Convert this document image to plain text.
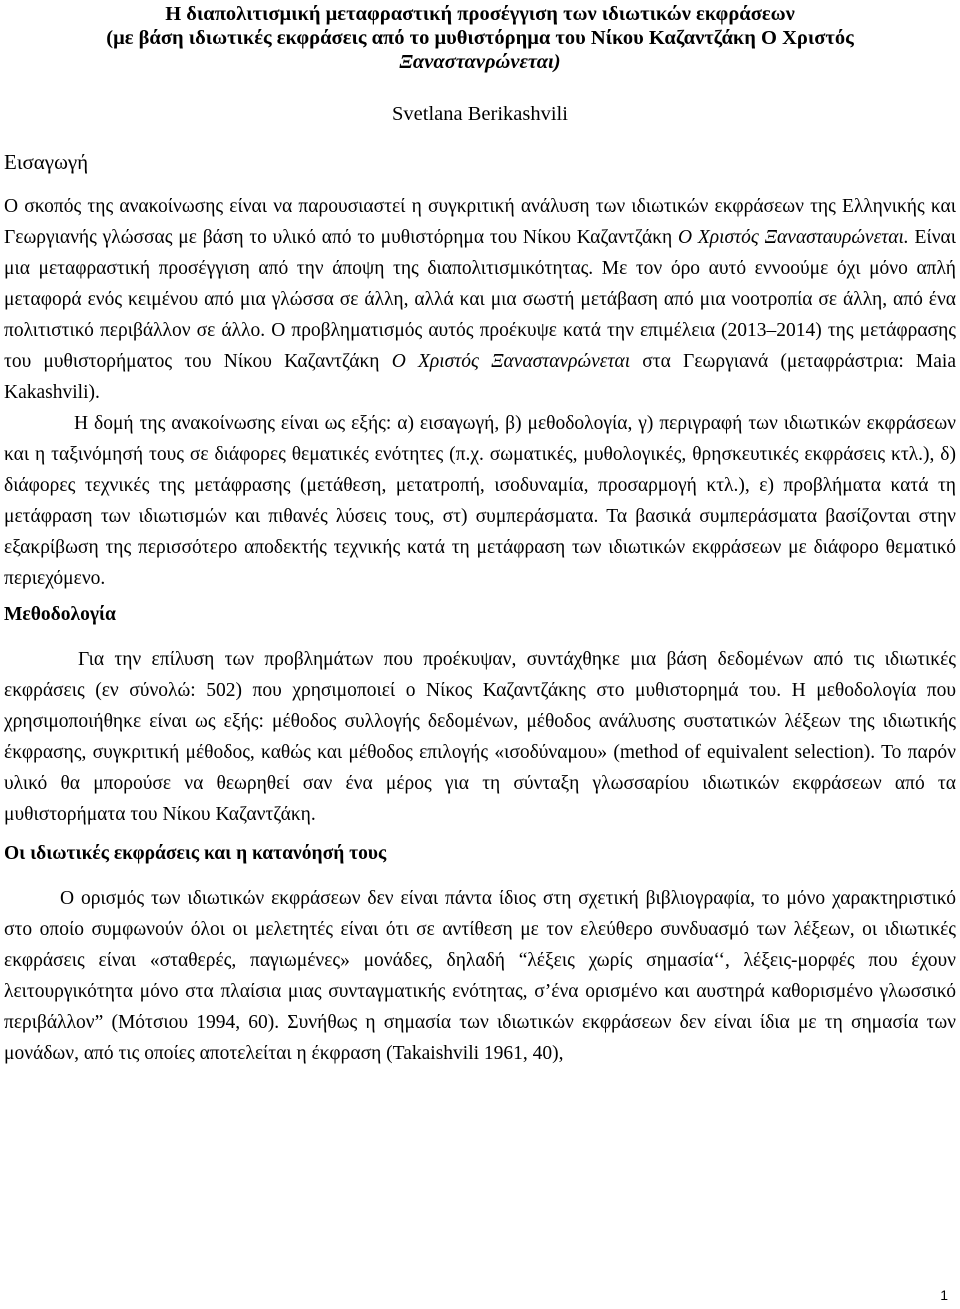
Η διαπολιτισμική μεταφραστική προσέγγιση των ιδιωτικών εκφράσεων
(με βάση ιδιωτικές εκφράσεις από το μυθιστόρημα του Νίκου Καζαντζάκη Ο Χριστός
Ξαναστανρώνεται)
Svetlana Berikashvili
Εισαγωγή

Ο σκοπός της ανακοίνωσης είναι να παρουσιαστεί η συγκριτική ανάλυση των ιδιωτικών εκφράσεων της Ελληνικής και Γεωργιανής γλώσσας με βάση το υλικό από το μυθιστόρημα του Νίκου Καζαντζάκη Ο Χριστός Ξανασταυρώνεται. Είναι μια μεταφραστική προσέγγιση από την άποψη της διαπολιτισμικότητας. Με τον όρο αυτό εννοούμε όχι μόνο απλή μεταφορά ενός κειμένου από μια γλώσσα σε άλλη, αλλά και μια σωστή μετάβαση από μια νοοτροπία σε άλλη, από ένα πολιτιστικό περιβάλλον σε άλλο. Ο προβληματισμός αυτός προέκυψε κατά την επιμέλεια (2013–2014) της μετάφρασης του μυθιστορήματος του Νίκου Καζαντζάκη Ο Χριστός Ξαναστανρώνεται στα Γεωργιανά (μεταφράστρια: Maia Kakashvili).

Η δομή της ανακοίνωσης είναι ως εξής: α) εισαγωγή, β) μεθοδολογία, γ) περιγραφή των ιδιωτικών εκφράσεων και η ταξινόμησή τους σε διάφορες θεματικές ενότητες (π.χ. σωματικές, μυθολογικές, θρησκευτικές εκφράσεις κτλ.), δ) διάφορες τεχνικές της μετάφρασης (μετάθεση, μετατροπή, ισοδυναμία, προσαρμογή κτλ.), ε) προβλήματα κατά τη μετάφραση των ιδιωτισμών και πιθανές λύσεις τους, στ) συμπεράσματα. Τα βασικά συμπεράσματα βασίζονται στην εξακρίβωση της περισσότερο αποδεκτής τεχνικής κατά τη μετάφραση των ιδιωτικών εκφράσεων με διάφορο θεματικό περιεχόμενο.

Μεθοδολογία

Για την επίλυση των προβλημάτων που προέκυψαν, συντάχθηκε μια βάση δεδομένων από τις ιδιωτικές εκφράσεις (εν σύνολώ: 502) που χρησιμοποιεί ο Νίκος Καζαντζάκης στο μυθιστορημά του. Η μεθοδολογία που χρησιμοποιήθηκε είναι ως εξής: μέθοδος συλλογής δεδομένων, μέθοδος ανάλυσης συστατικών λέξεων της ιδιωτικής έκφρασης, συγκριτική μέθοδος, καθώς και μέθοδος επιλογής «ισοδύναμου» (method of equivalent selection). Το παρόν υλικό θα μπορούσε να θεωρηθεί σαν ένα μέρος για τη σύνταξη γλωσσαρίου ιδιωτικών εκφράσεων από τα μυθιστορήματα του Νίκου Καζαντζάκη.

Οι ιδιωτικές εκφράσεις και η κατανόησή τους

Ο ορισμός των ιδιωτικών εκφράσεων δεν είναι πάντα ίδιος στη σχετική βιβλιογραφία, το μόνο χαρακτηριστικό στο οποίο συμφωνούν όλοι οι μελετητές είναι ότι σε αντίθεση με τον ελεύθερο συνδυασμό των λέξεων, οι ιδιωτικές εκφράσεις είναι «σταθερές, παγιωμένες» μονάδες, δηλαδή “λέξεις χωρίς σημασία‘‘, λέξεις-μορφές που έχουν λειτουργικότητα μόνο στα πλαίσια μιας συνταγματικής ενότητας, σ’ένα ορισμένο και αυστηρά καθορισμένο γλωσσικό περιβάλλον” (Μότσιου 1994, 60). Συνήθως η σημασία των ιδιωτικών εκφράσεων δεν είναι ίδια με τη σημασία των μονάδων, από τις οποίες αποτελείται η έκφραση (Takaishvili 1961, 40),

1
